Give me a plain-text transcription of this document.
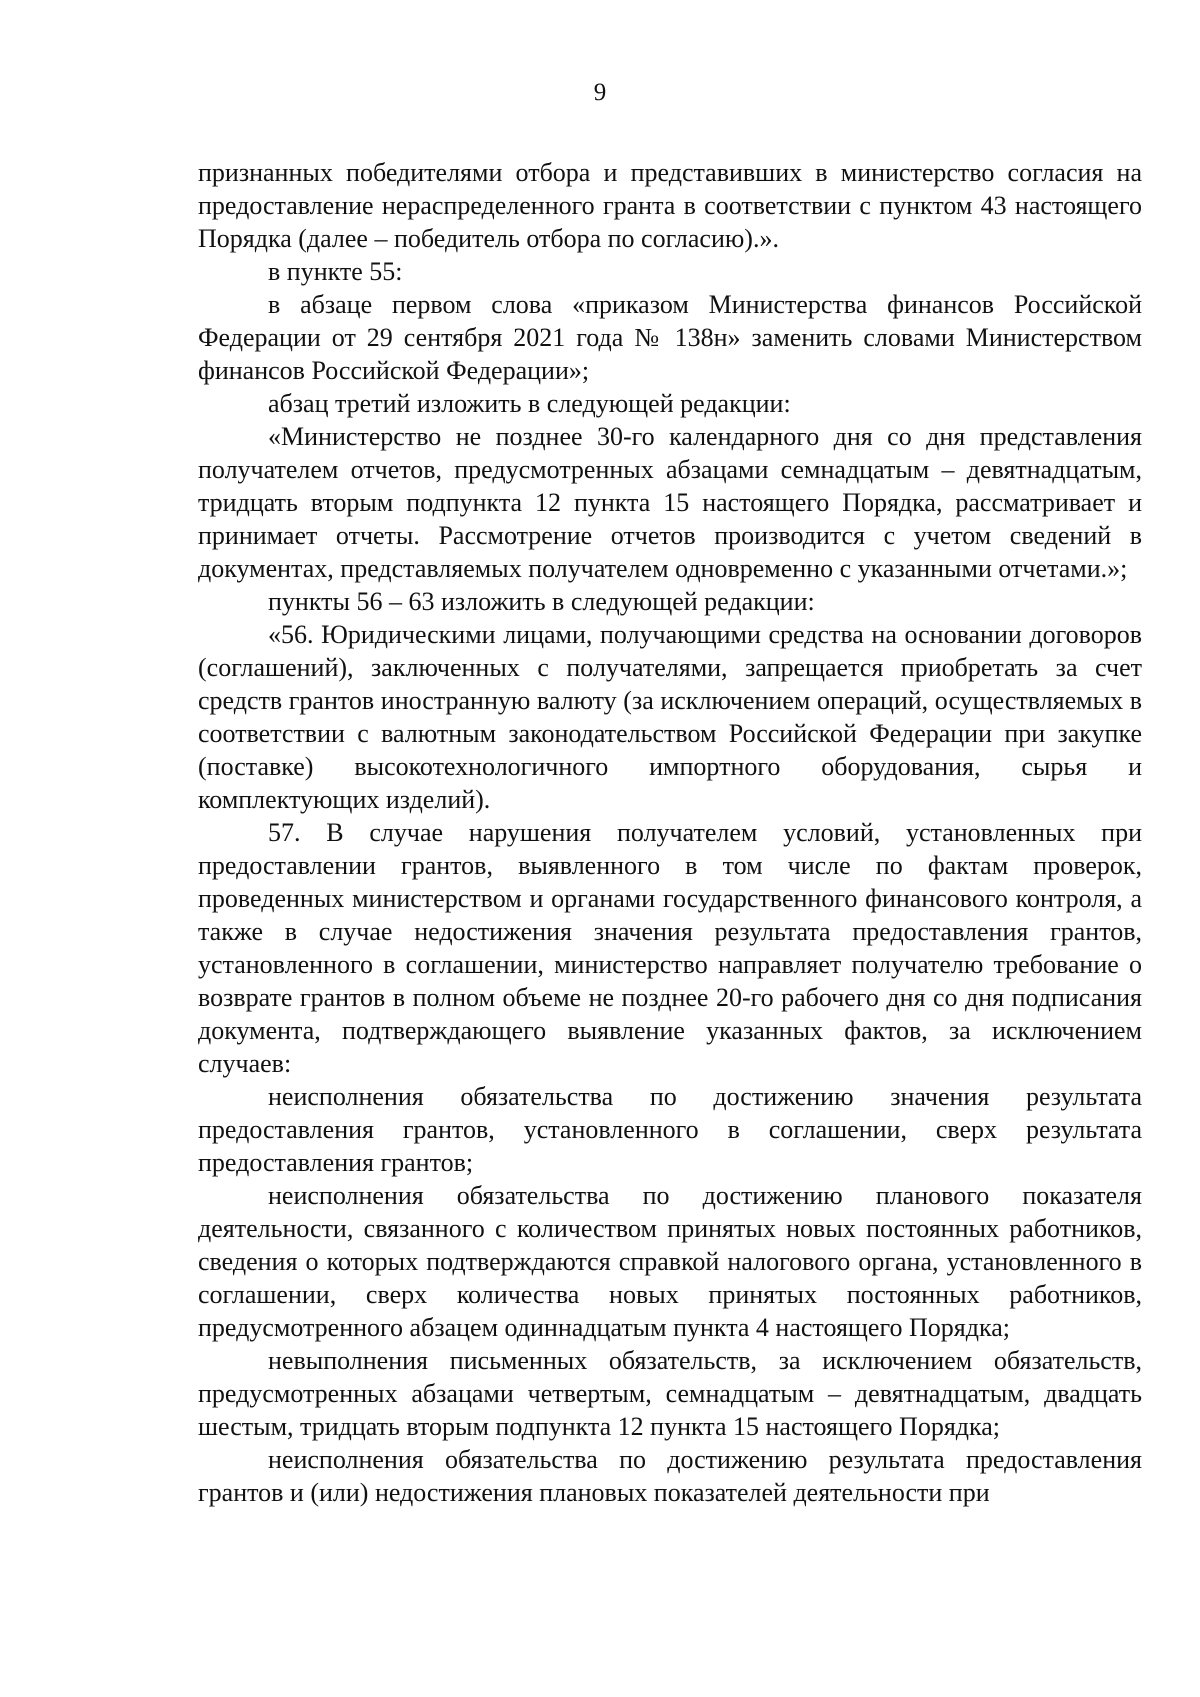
9

признанных победителями отбора и представивших в министерство согласия на предоставление нераспределенного гранта в соответствии с пунктом 43 настоящего Порядка (далее – победитель отбора по согласию).».

в пункте 55:

в абзаце первом слова «приказом Министерства финансов Российской Федерации от 29 сентября 2021 года № 138н» заменить словами Министерством финансов Российской Федерации»;

абзац третий изложить в следующей редакции:

«Министерство не позднее 30-го календарного дня со дня представления получателем отчетов, предусмотренных абзацами семнадцатым – девятнадцатым, тридцать вторым подпункта 12 пункта 15 настоящего Порядка, рассматривает и принимает отчеты. Рассмотрение отчетов производится с учетом сведений в документах, представляемых получателем одновременно с указанными отчетами.»;

пункты 56 – 63 изложить в следующей редакции:

«56. Юридическими лицами, получающими средства на основании договоров (соглашений), заключенных с получателями, запрещается приобретать за счет средств грантов иностранную валюту (за исключением операций, осуществляемых в соответствии с валютным законодательством Российской Федерации при закупке (поставке) высокотехнологичного импортного оборудования, сырья и комплектующих изделий).

57. В случае нарушения получателем условий, установленных при предоставлении грантов, выявленного в том числе по фактам проверок, проведенных министерством и органами государственного финансового контроля, а также в случае недостижения значения результата предоставления грантов, установленного в соглашении, министерство направляет получателю требование о возврате грантов в полном объеме не позднее 20-го рабочего дня со дня подписания документа, подтверждающего выявление указанных фактов, за исключением случаев:

неисполнения обязательства по достижению значения результата предоставления грантов, установленного в соглашении, сверх результата предоставления грантов;

неисполнения обязательства по достижению планового показателя деятельности, связанного с количеством принятых новых постоянных работников, сведения о которых подтверждаются справкой налогового органа, установленного в соглашении, сверх количества новых принятых постоянных работников, предусмотренного абзацем одиннадцатым пункта 4 настоящего Порядка;

невыполнения письменных обязательств, за исключением обязательств, предусмотренных абзацами четвертым, семнадцатым – девятнадцатым, двадцать шестым, тридцать вторым подпункта 12 пункта 15 настоящего Порядка;

неисполнения обязательства по достижению результата предоставления грантов и (или) недостижения плановых показателей деятельности при
